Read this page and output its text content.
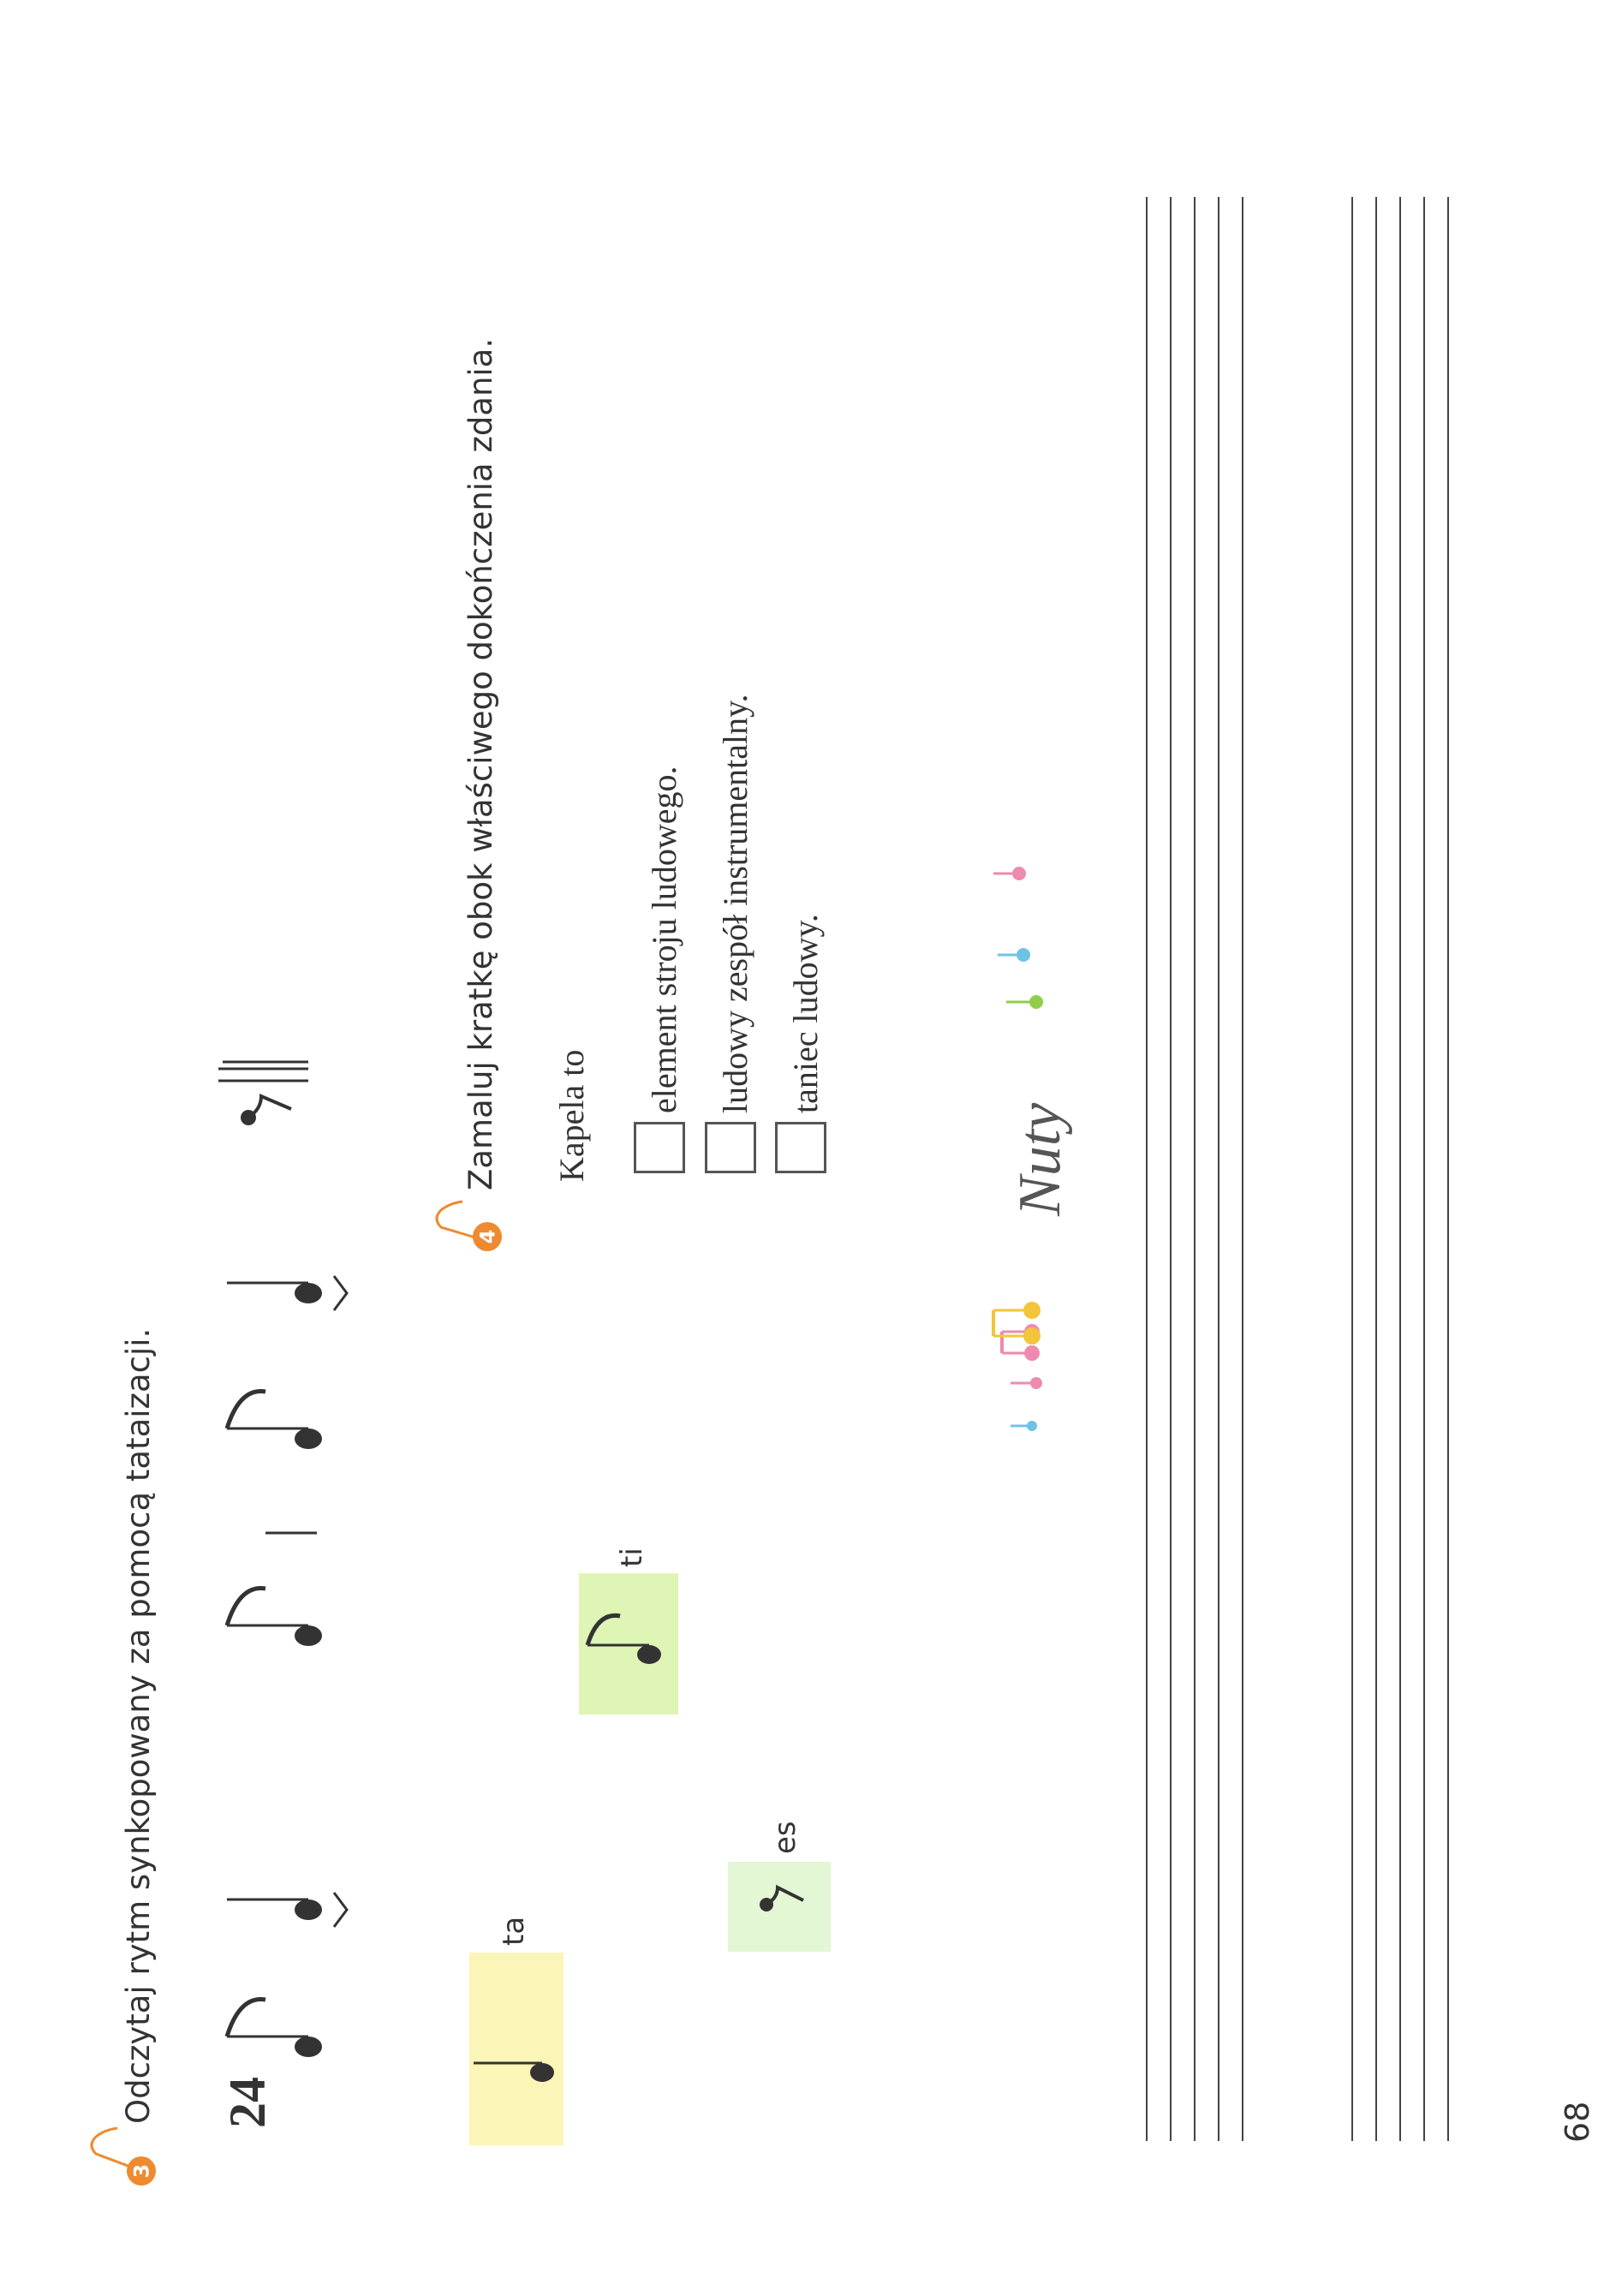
3
Odczytaj rytm synkopowany za pomocą tataizacji. 24
ta
ti
es
4
Zamaluj kratkę obok właściwego dokończenia zdania. Kapela to
element stroju ludowego. ludowy zespół instrumentalny. taniec ludowy.
Nuty
68
